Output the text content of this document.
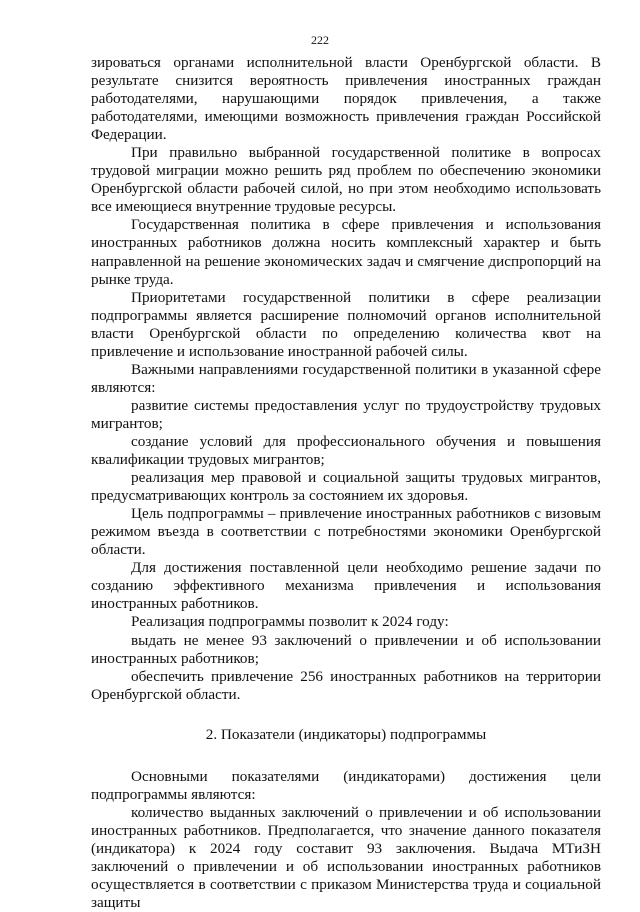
222

зироваться органами исполнительной власти Оренбургской области. В результате снизится вероятность привлечения иностранных граждан работодателями, нарушающими порядок привлечения, а также работодателями, имеющими возможность привлечения граждан Российской Федерации.

При правильно выбранной государственной политике в вопросах трудовой миграции можно решить ряд проблем по обеспечению экономики Оренбургской области рабочей силой, но при этом необходимо использовать все имеющиеся внутренние трудовые ресурсы.

Государственная политика в сфере привлечения и использования иностранных работников должна носить комплексный характер и быть направленной на решение экономических задач и смягчение диспропорций на рынке труда.

Приоритетами государственной политики в сфере реализации подпрограммы является расширение полномочий органов исполнительной власти Оренбургской области по определению количества квот на привлечение и использование иностранной рабочей силы.

Важными направлениями государственной политики в указанной сфере являются:

развитие системы предоставления услуг по трудоустройству трудовых мигрантов;

создание условий для профессионального обучения и повышения квалификации трудовых мигрантов;

реализация мер правовой и социальной защиты трудовых мигрантов, предусматривающих контроль за состоянием их здоровья.

Цель подпрограммы – привлечение иностранных работников с визовым режимом въезда в соответствии с потребностями экономики Оренбургской области.

Для достижения поставленной цели необходимо решение задачи по созданию эффективного механизма привлечения и использования иностранных работников.

Реализация подпрограммы позволит к 2024 году:

выдать не менее 93 заключений о привлечении и об использовании иностранных работников;

обеспечить привлечение 256 иностранных работников на территории Оренбургской области.

2. Показатели (индикаторы) подпрограммы

Основными показателями (индикаторами) достижения цели подпрограммы являются:

количество выданных заключений о привлечении и об использовании иностранных работников. Предполагается, что значение данного показателя (индикатора) к 2024 году составит 93 заключения. Выдача МТиЗН заключений о привлечении и об использовании иностранных работников осуществляется в соответствии с приказом Министерства труда и социальной защиты
